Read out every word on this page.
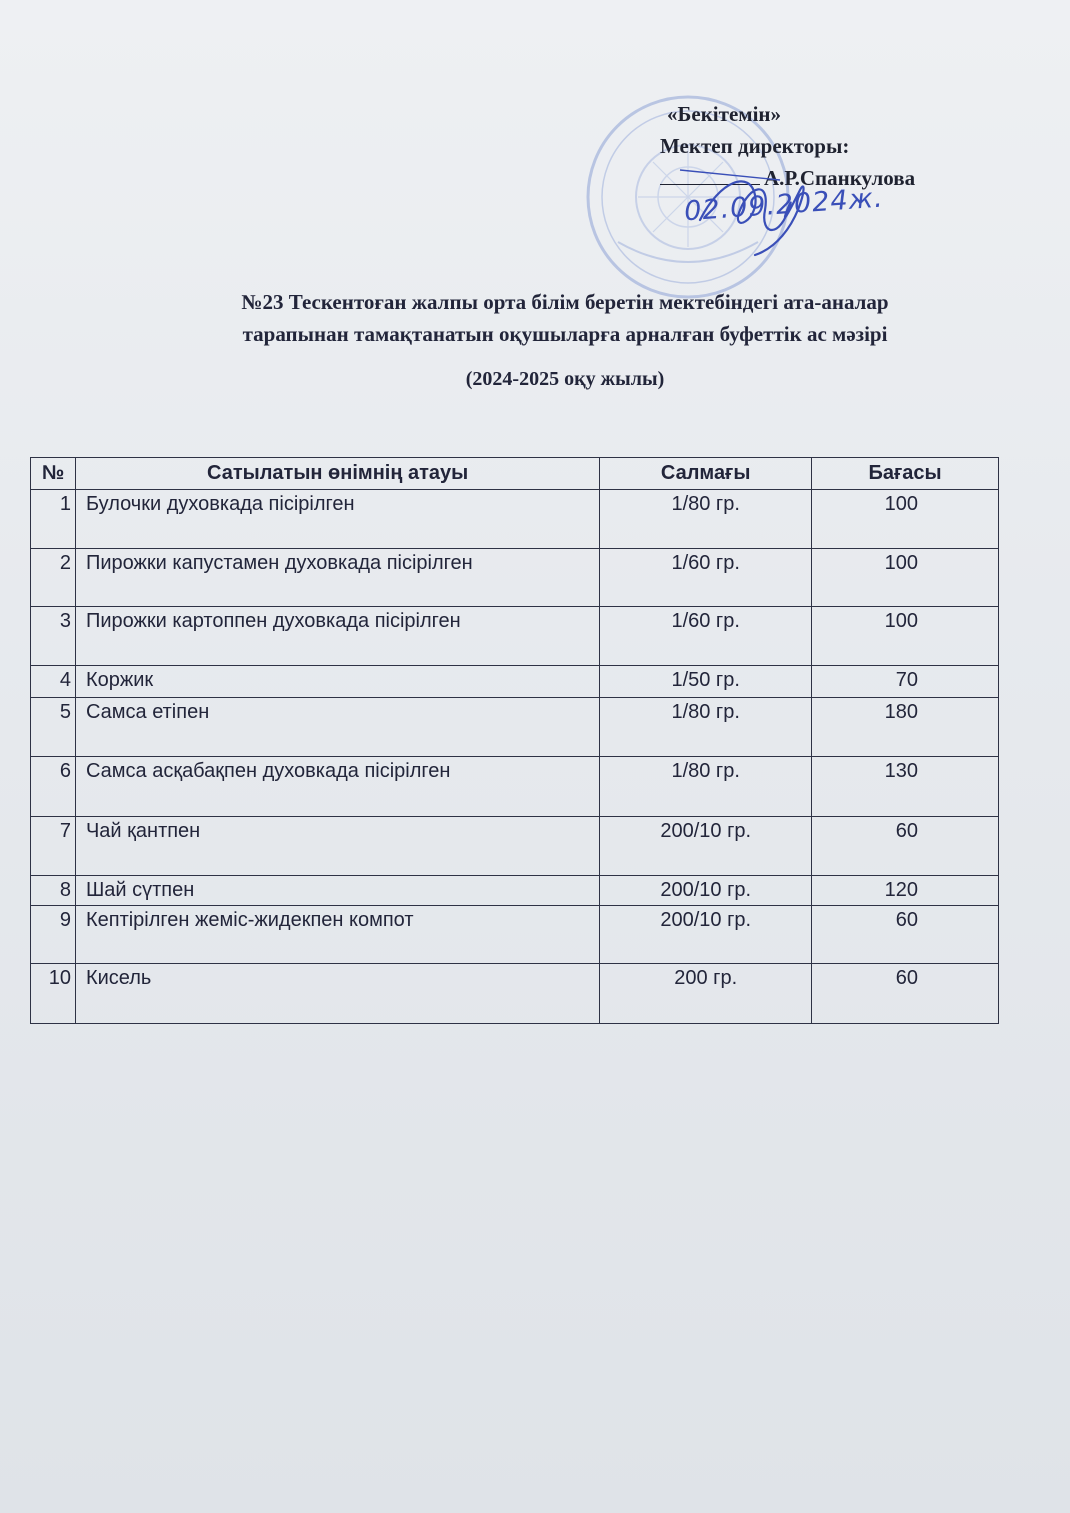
«Бекітемін»
Мектеп директоры:
А.Р.Спанкулова
02.09.2024ж.
№23 Тескентоған жалпы орта білім беретін мектебіндегі ата-аналар
тарапынан тамақтанатын оқушыларға арналған буфеттік ас мәзірі
(2024-2025 оқу жылы)
№	Сатылатын өнімнің атауы	Салмағы	Бағасы
1	Булочки духовкада пісірілген	1/80 гр.	100
2	Пирожки капустамен духовкада пісірілген	1/60 гр.	100
3	Пирожки картоппен духовкада пісірілген	1/60 гр.	100
4	Коржик	1/50 гр.	70
5	Самса етіпен	1/80 гр.	180
6	Самса асқабақпен духовкада пісірілген	1/80 гр.	130
7	Чай қантпен	200/10 гр.	60
8	Шай сүтпен	200/10 гр.	120
9	Кептірілген жеміс-жидекпен компот	200/10 гр.	60
10	Кисель	200 гр.	60
